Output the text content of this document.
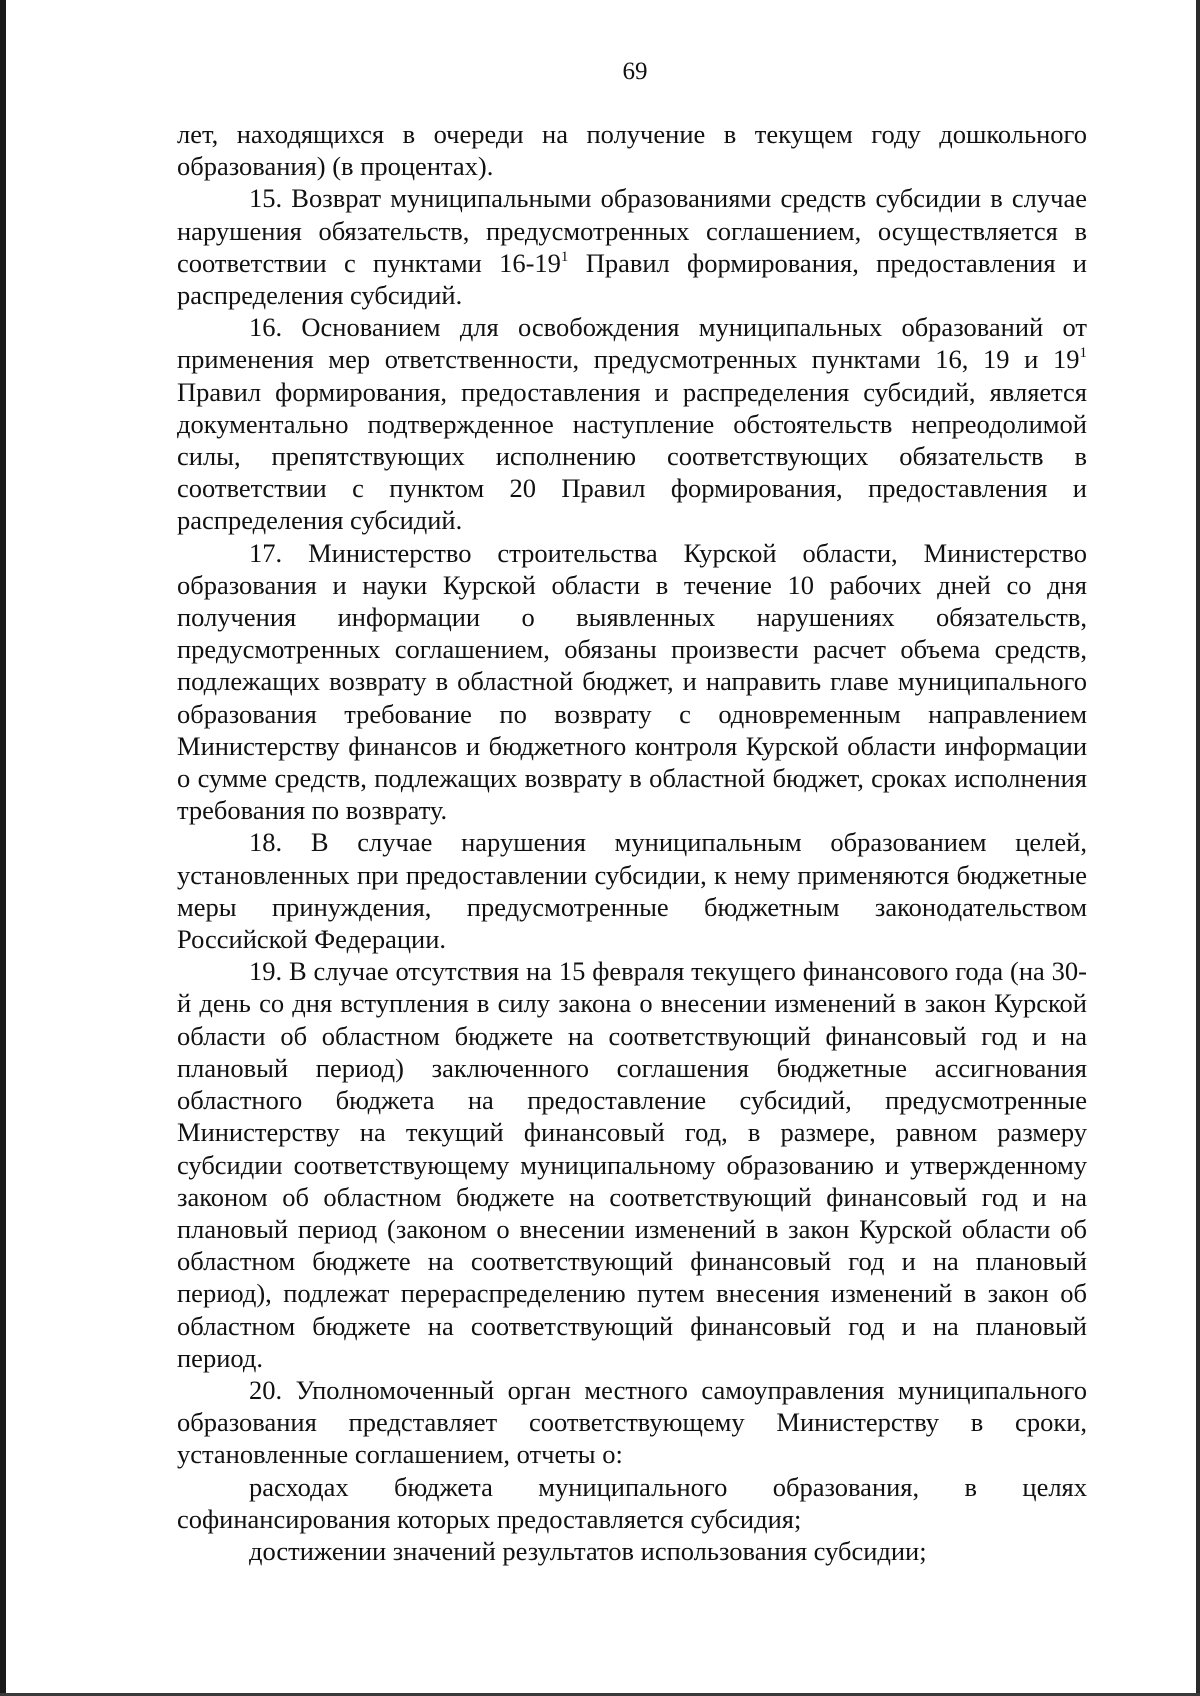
69

лет, находящихся в очереди на получение в текущем году дошкольного образования) (в процентах).

15. Возврат муниципальными образованиями средств субсидии в случае нарушения обязательств, предусмотренных соглашением, осуществляется в соответствии с пунктами $16-19^1$ Правил формирования, предоставления и распределения субсидий.

16. Основанием для освобождения муниципальных образований от применения мер ответственности, предусмотренных пунктами 16, 19 и $19^1$ Правил формирования, предоставления и распределения субсидий, является документально подтвержденное наступление обстоятельств непреодолимой силы, препятствующих исполнению соответствующих обязательств в соответствии с пунктом 20 Правил формирования, предоставления и распределения субсидий.

17. Министерство строительства Курской области, Министерство образования и науки Курской области в течение 10 рабочих дней со дня получения информации о выявленных нарушениях обязательств, предусмотренных соглашением, обязаны произвести расчет объема средств, подлежащих возврату в областной бюджет, и направить главе муниципального образования требование по возврату с одновременным направлением Министерству финансов и бюджетного контроля Курской области информации о сумме средств, подлежащих возврату в областной бюджет, сроках исполнения требования по возврату.

18. В случае нарушения муниципальным образованием целей, установленных при предоставлении субсидии, к нему применяются бюджетные меры принуждения, предусмотренные бюджетным законодательством Российской Федерации.

19. В случае отсутствия на 15 февраля текущего финансового года (на 30-й день со дня вступления в силу закона о внесении изменений в закон Курской области об областном бюджете на соответствующий финансовый год и на плановый период) заключенного соглашения бюджетные ассигнования областного бюджета на предоставление субсидий, предусмотренные Министерству на текущий финансовый год, в размере, равном размеру субсидии соответствующему муниципальному образованию и утвержденному законом об областном бюджете на соответствующий финансовый год и на плановый период (законом о внесении изменений в закон Курской области об областном бюджете на соответствующий финансовый год и на плановый период), подлежат перераспределению путем внесения изменений в закон об областном бюджете на соответствующий финансовый год и на плановый период.

20. Уполномоченный орган местного самоуправления муниципального образования представляет соответствующему Министерству в сроки, установленные соглашением, отчеты о:

расходах бюджета муниципального образования, в целях софинансирования которых предоставляется субсидия;

достижении значений результатов использования субсидии;
